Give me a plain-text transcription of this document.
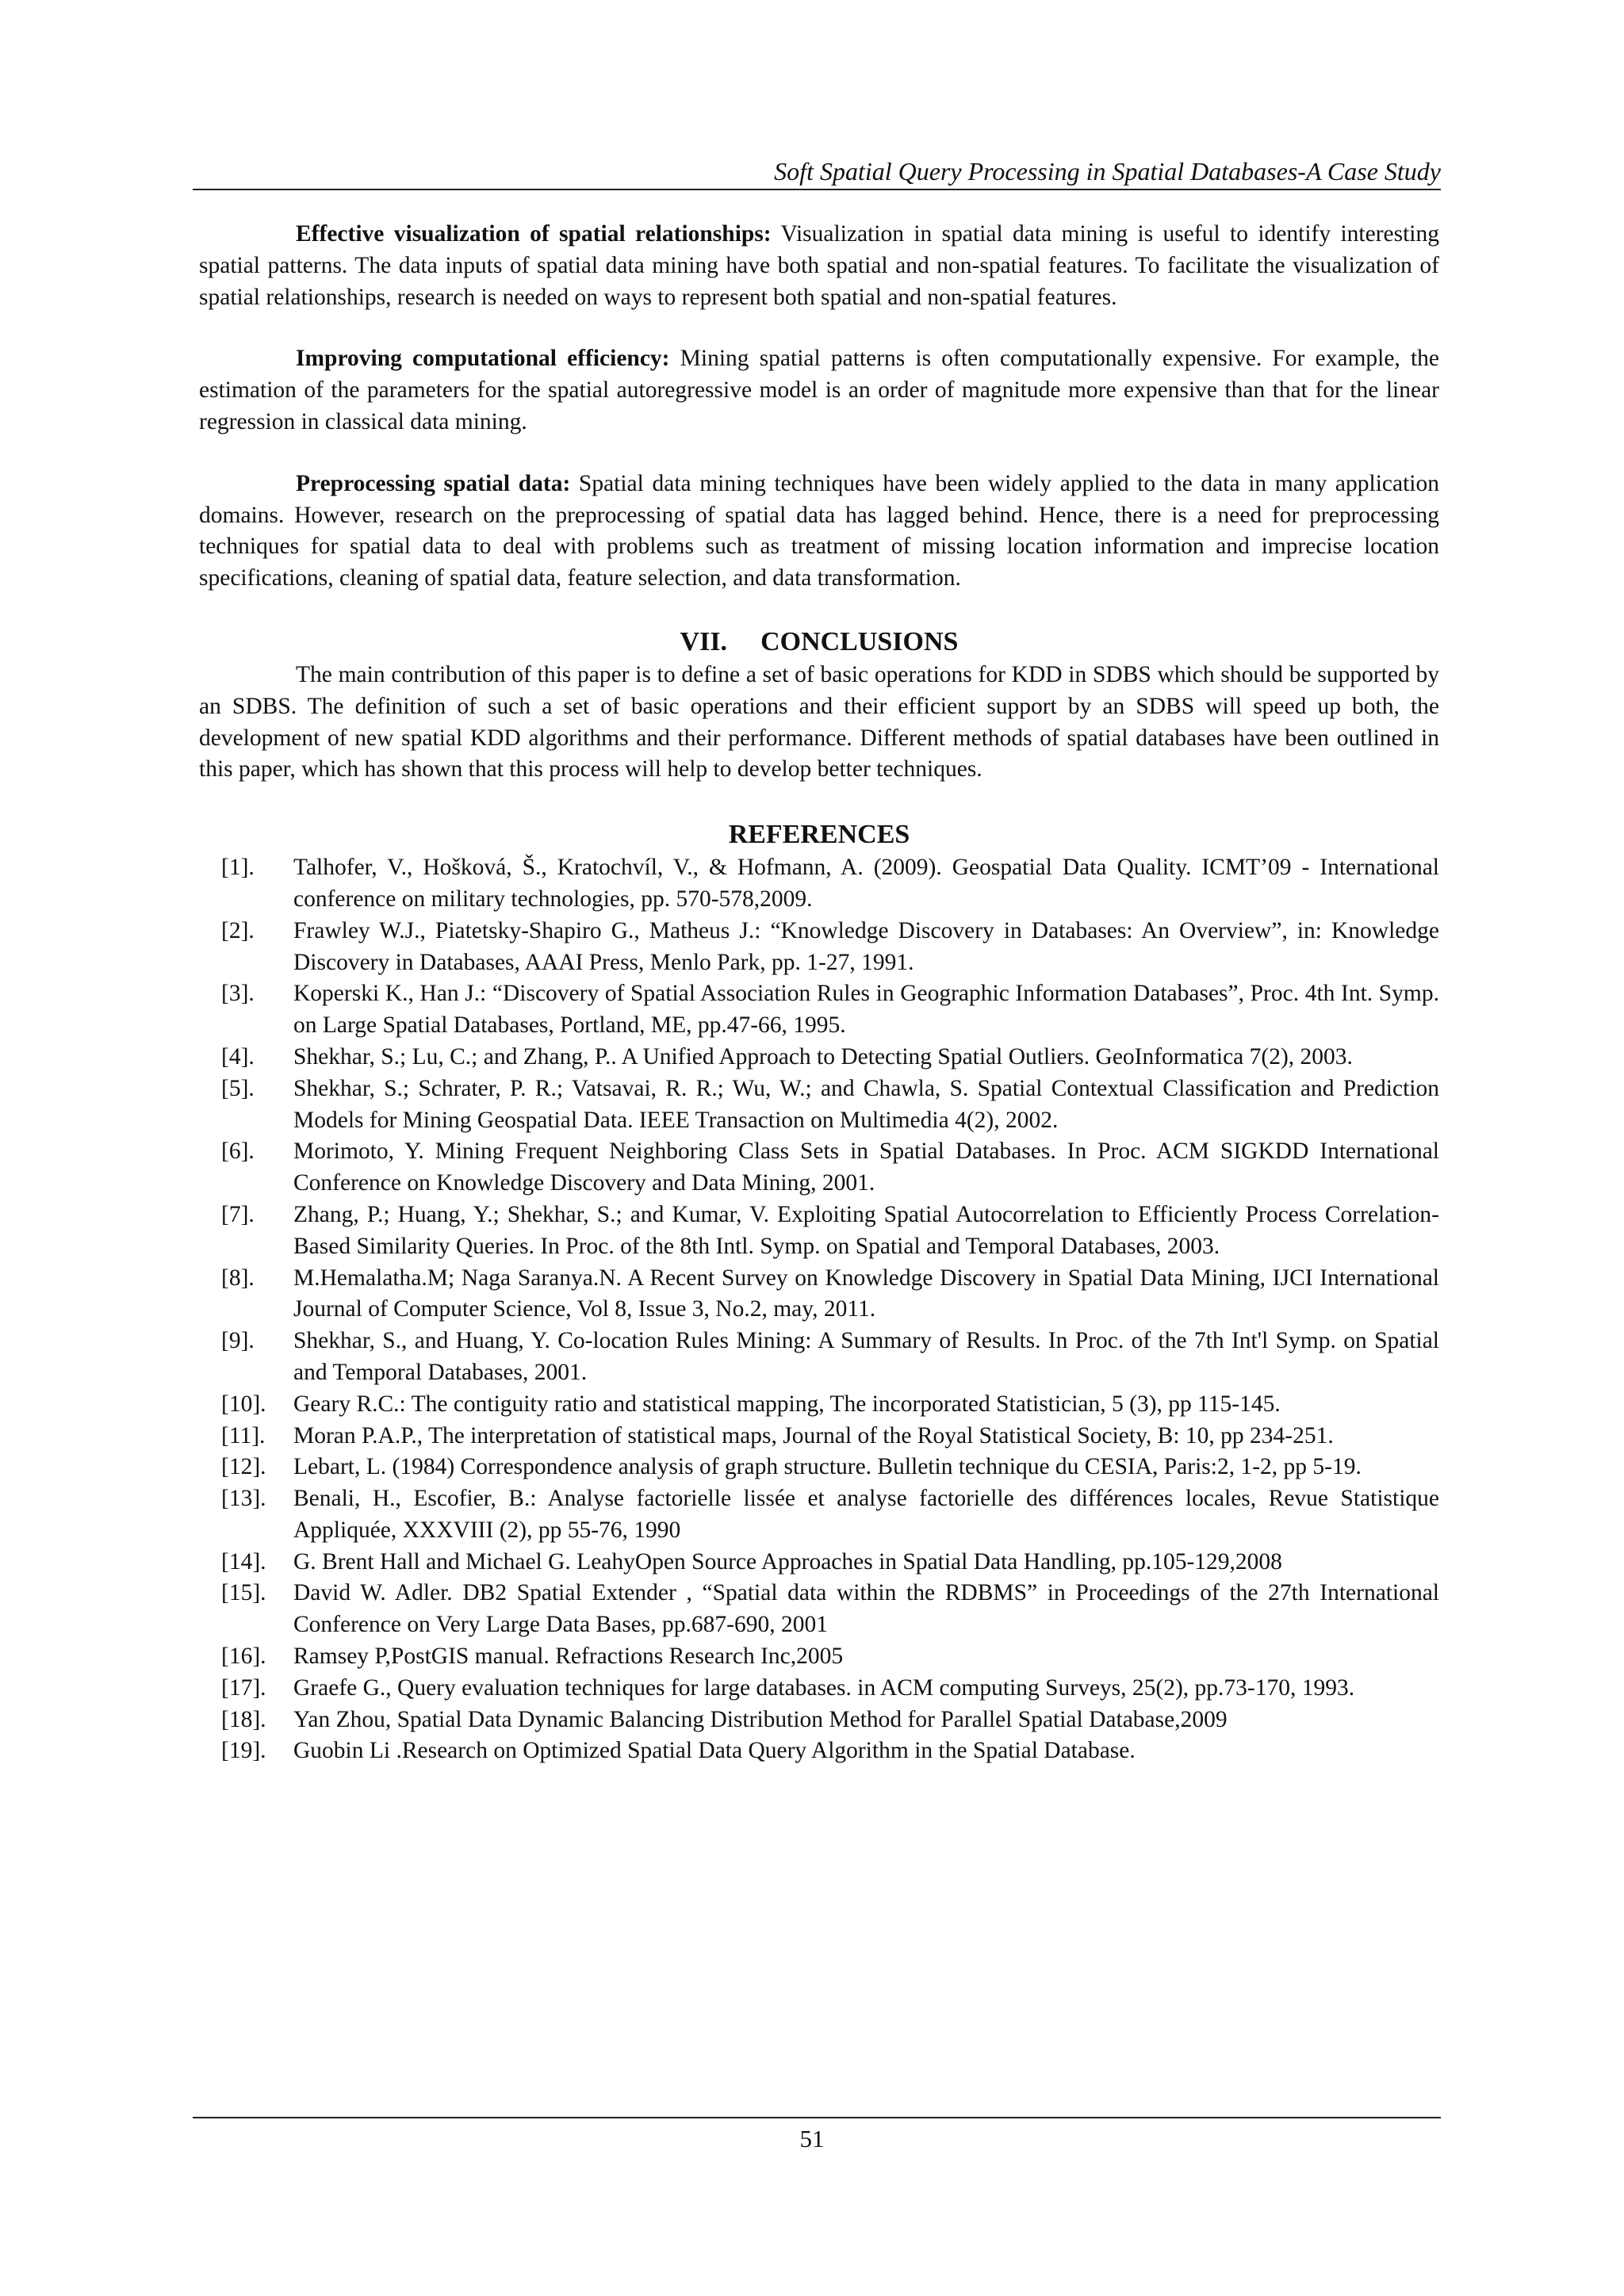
Soft Spatial Query Processing in Spatial Databases-A Case Study

Effective visualization of spatial relationships: Visualization in spatial data mining is useful to identify interesting spatial patterns. The data inputs of spatial data mining have both spatial and non-spatial features. To facilitate the visualization of spatial relationships, research is needed on ways to represent both spatial and non-spatial features.

Improving computational efficiency: Mining spatial patterns is often computationally expensive. For example, the estimation of the parameters for the spatial autoregressive model is an order of magnitude more expensive than that for the linear regression in classical data mining.

Preprocessing spatial data: Spatial data mining techniques have been widely applied to the data in many application domains. However, research on the preprocessing of spatial data has lagged behind. Hence, there is a need for preprocessing techniques for spatial data to deal with problems such as treatment of missing location information and imprecise location specifications, cleaning of spatial data, feature selection, and data transformation.

VII. CONCLUSIONS

The main contribution of this paper is to define a set of basic operations for KDD in SDBS which should be supported by an SDBS. The definition of such a set of basic operations and their efficient support by an SDBS will speed up both, the development of new spatial KDD algorithms and their performance. Different methods of spatial databases have been outlined in this paper, which has shown that this process will help to develop better techniques.

REFERENCES
[1].	Talhofer, V., Hošková, Š., Kratochvíl, V., & Hofmann, A. (2009). Geospatial Data Quality. ICMT’09 - International conference on military technologies, pp. 570-578,2009.
[2].	Frawley W.J., Piatetsky-Shapiro G., Matheus J.: “Knowledge Discovery in Databases: An Overview”, in: Knowledge Discovery in Databases, AAAI Press, Menlo Park, pp. 1-27, 1991.
[3].	Koperski K., Han J.: “Discovery of Spatial Association Rules in Geographic Information Databases”, Proc. 4th Int. Symp. on Large Spatial Databases, Portland, ME, pp.47-66, 1995.
[4].	Shekhar, S.; Lu, C.; and Zhang, P.. A Unified Approach to Detecting Spatial Outliers. GeoInformatica 7(2), 2003.
[5].	Shekhar, S.; Schrater, P. R.; Vatsavai, R. R.; Wu, W.; and Chawla, S. Spatial Contextual Classification and Prediction Models for Mining Geospatial Data. IEEE Transaction on Multimedia 4(2), 2002.
[6].	Morimoto, Y. Mining Frequent Neighboring Class Sets in Spatial Databases. In Proc. ACM SIGKDD International Conference on Knowledge Discovery and Data Mining, 2001.
[7].	Zhang, P.; Huang, Y.; Shekhar, S.; and Kumar, V. Exploiting Spatial Autocorrelation to Efficiently Process Correlation-Based Similarity Queries. In Proc. of the 8th Intl. Symp. on Spatial and Temporal Databases, 2003.
[8].	M.Hemalatha.M; Naga Saranya.N. A Recent Survey on Knowledge Discovery in Spatial Data Mining, IJCI International Journal of Computer Science, Vol 8, Issue 3, No.2, may, 2011.
[9].	Shekhar, S., and Huang, Y. Co-location Rules Mining: A Summary of Results. In Proc. of the 7th Int'l Symp. on Spatial and Temporal Databases, 2001.
[10].	Geary R.C.: The contiguity ratio and statistical mapping, The incorporated Statistician, 5 (3), pp 115-145.
[11].	Moran P.A.P., The interpretation of statistical maps, Journal of the Royal Statistical Society, B: 10, pp 234-251.
[12].	Lebart, L. (1984) Correspondence analysis of graph structure. Bulletin technique du CESIA, Paris:2, 1-2, pp 5-19.
[13].	Benali, H., Escofier, B.: Analyse factorielle lissée et analyse factorielle des différences locales, Revue Statistique Appliquée, XXXVIII (2), pp 55-76, 1990
[14].	G. Brent Hall and Michael G. LeahyOpen Source Approaches in Spatial Data Handling, pp.105-129,2008
[15].	David W. Adler. DB2 Spatial Extender , “Spatial data within the RDBMS” in Proceedings of the 27th International Conference on Very Large Data Bases, pp.687-690, 2001
[16].	Ramsey P,PostGIS manual. Refractions Research Inc,2005
[17].	Graefe G., Query evaluation techniques for large databases. in ACM computing Surveys, 25(2), pp.73-170, 1993.
[18].	Yan Zhou, Spatial Data Dynamic Balancing Distribution Method for Parallel Spatial Database,2009
[19].	Guobin Li .Research on Optimized Spatial Data Query Algorithm in the Spatial Database.
51
